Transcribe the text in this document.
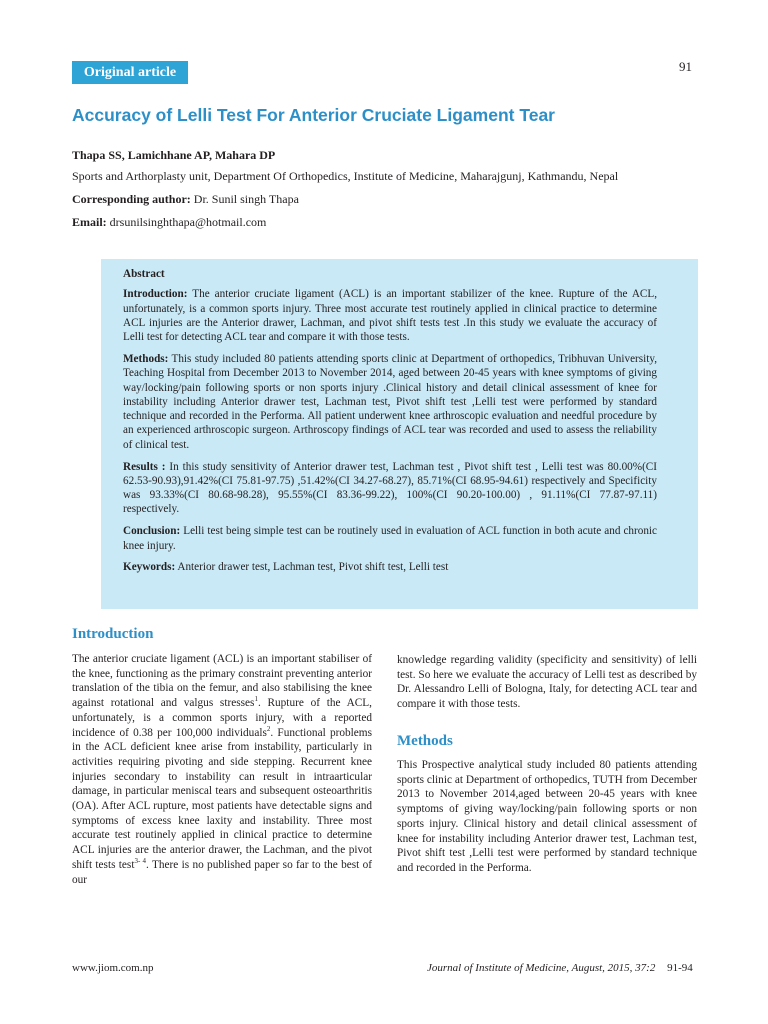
91
Original article
Accuracy of Lelli Test For Anterior Cruciate Ligament Tear
Thapa SS, Lamichhane AP, Mahara DP
Sports and Arthorplasty unit, Department Of Orthopedics, Institute of Medicine, Maharajgunj, Kathmandu, Nepal
Corresponding author: Dr. Sunil singh Thapa
Email: drsunilsinghthapa@hotmail.com

Abstract

Introduction: The anterior cruciate ligament (ACL) is an important stabilizer of the knee. Rupture of the ACL, unfortunately, is a common sports injury. Three most accurate test routinely applied in clinical practice to determine ACL injuries are the Anterior drawer, Lachman, and pivot shift tests test .In this study we evaluate the accuracy of Lelli test for detecting ACL tear and compare it with those tests.

Methods: This study included 80 patients attending sports clinic at Department of orthopedics, Tribhuvan University, Teaching Hospital from December 2013 to November 2014, aged between 20-45 years with knee symptoms of giving way/locking/pain following sports or non sports injury .Clinical history and detail clinical assessment of knee for instability including Anterior drawer test, Lachman test, Pivot shift test ,Lelli test were performed by standard technique and recorded in the Performa. All patient underwent knee arthroscopic evaluation and needful procedure by an experienced arthroscopic surgeon. Arthroscopy findings of ACL tear was recorded and used to assess the reliability of clinical test.

Results : In this study sensitivity of Anterior drawer test, Lachman test , Pivot shift test , Lelli test was 80.00%(CI 62.53-90.93),91.42%(CI 75.81-97.75) ,51.42%(CI 34.27-68.27), 85.71%(CI 68.95-94.61) respectively and Specificity was 93.33%(CI 80.68-98.28), 95.55%(CI 83.36-99.22), 100%(CI 90.20-100.00) , 91.11%(CI 77.87-97.11) respectively.

Conclusion: Lelli test being simple test can be routinely used in evaluation of ACL function in both acute and chronic knee injury.

Keywords: Anterior drawer test, Lachman test, Pivot shift test, Lelli test

Introduction

The anterior cruciate ligament (ACL) is an important stabiliser of the knee, functioning as the primary constraint preventing anterior translation of the tibia on the femur, and also stabilising the knee against rotational and valgus stresses$^1$. Rupture of the ACL, unfortunately, is a common sports injury, with a reported incidence of 0.38 per 100,000 individuals$^2$. Functional problems in the ACL deficient knee arise from instability, particularly in activities requiring pivoting and side stepping. Recurrent knee injuries secondary to instability can result in intraarticular damage, in particular meniscal tears and subsequent osteoarthritis (OA). After ACL rupture, most patients have detectable signs and symptoms of excess knee laxity and instability. Three most accurate test routinely applied in clinical practice to determine ACL injuries are the anterior drawer, the Lachman, and the pivot shift tests test$^{3- 4}$. There is no published paper so far to the best of our

knowledge regarding validity (specificity and sensitivity) of lelli test. So here we evaluate the accuracy of Lelli test as described by Dr. Alessandro Lelli of Bologna, Italy, for detecting ACL tear and compare it with those tests.

Methods

This Prospective analytical study included 80 patients attending sports clinic at Department of orthopedics, TUTH from December 2013 to November 2014,aged between 20-45 years with knee symptoms of giving way/locking/pain following sports or non sports injury. Clinical history and detail clinical assessment of knee for instability including Anterior drawer test, Lachman test, Pivot shift test ,Lelli test were performed by standard technique and recorded in the Performa.

www.jiom.com.np	Journal of Institute of Medicine, August, 2015, 37:2 91-94
